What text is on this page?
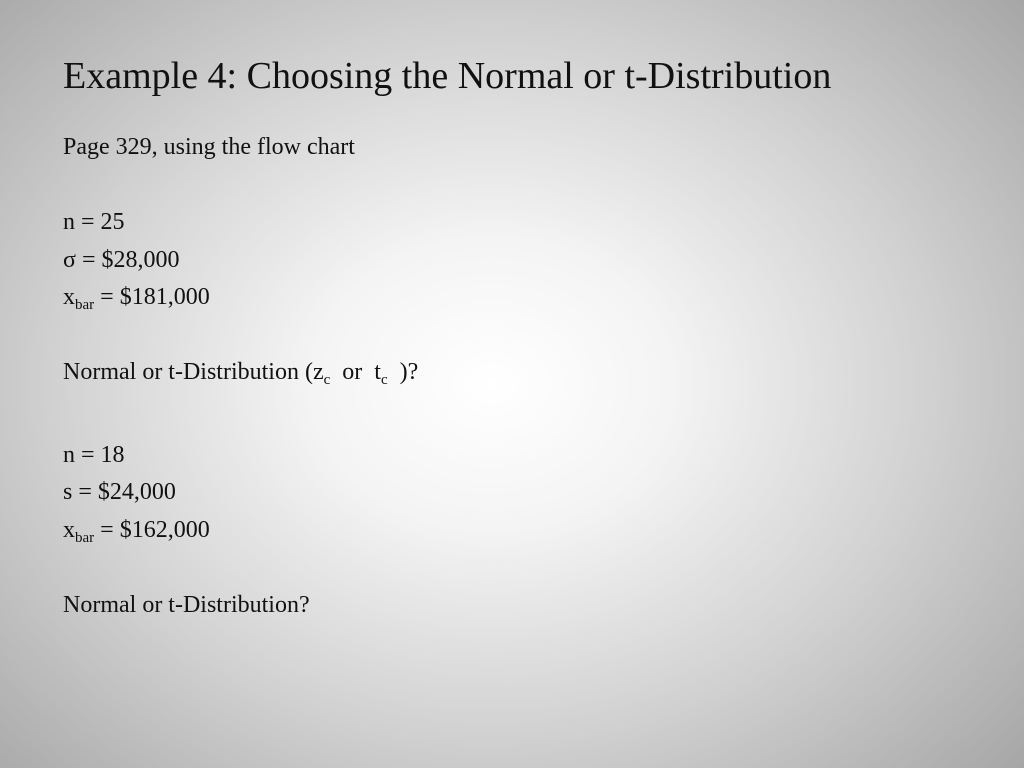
Example 4: Choosing the Normal or t-Distribution
Page 329, using the flow chart
n = 25
σ = $28,000
$x_{bar}$ = $181,000
Normal or t-Distribution ($z_c$  or  $t_c$  )?
n = 18
s = $24,000
$x_{bar}$ = $162,000
Normal or t-Distribution?
